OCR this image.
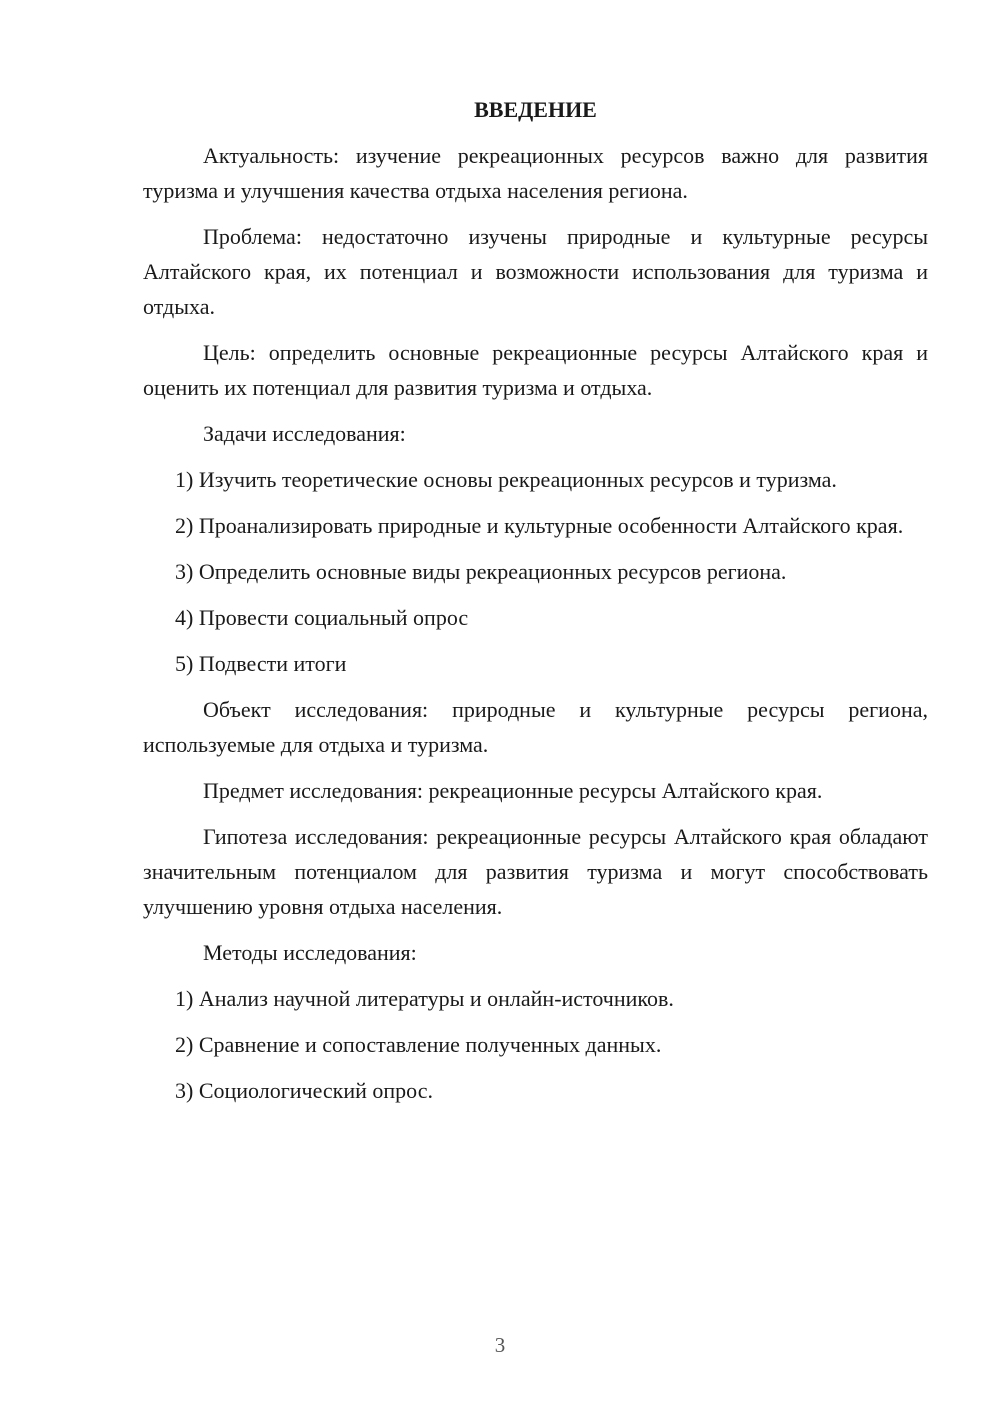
ВВЕДЕНИЕ

Актуальность: изучение рекреационных ресурсов важно для развития туризма и улучшения качества отдыха населения региона.

Проблема: недостаточно изучены природные и культурные ресурсы Алтайского края, их потенциал и возможности использования для туризма и отдыха.

Цель: определить основные рекреационные ресурсы Алтайского края и оценить их потенциал для развития туризма и отдыха.

Задачи исследования:

1) Изучить теоретические основы рекреационных ресурсов и туризма.

2) Проанализировать природные и культурные особенности Алтайского края.

3) Определить основные виды рекреационных ресурсов региона.

4) Провести социальный опрос

5) Подвести итоги

Объект исследования: природные и культурные ресурсы региона, используемые для отдыха и туризма.

Предмет исследования: рекреационные ресурсы Алтайского края.

Гипотеза исследования: рекреационные ресурсы Алтайского края обладают значительным потенциалом для развития туризма и могут способствовать улучшению уровня отдыха населения.

Методы исследования:

1) Анализ научной литературы и онлайн-источников.

2) Сравнение и сопоставление полученных данных.

3) Социологический опрос.

3
